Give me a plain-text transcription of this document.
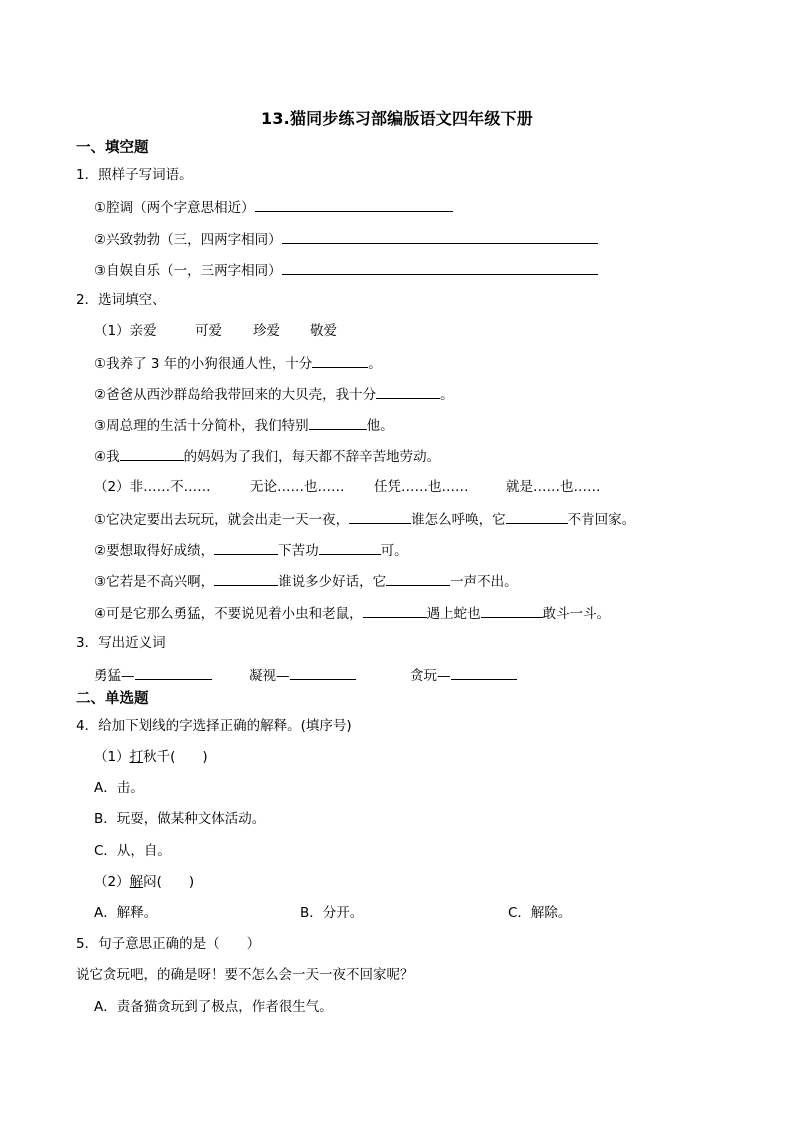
13.猫同步练习部编版语文四年级下册
一、填空题
1．照样子写词语。
①腔调（两个字意思相近）
②兴致勃勃（三，四两字相同）
③自娱自乐（一，三两字相同）
2．选词填空、
（1）亲爱	可爱 珍爱 敬爱
①我养了 3 年的小狗很通人性，十分	。
②爸爸从西沙群岛给我带回来的大贝壳，我十分	。
③周总理的生活十分简朴，我们特别	他。
④我	的妈妈为了我们，每天都不辞辛苦地劳动。
（2）非……不……	无论……也…… 任凭……也……	就是……也……
①它决定要出去玩玩，就会出走一天一夜，	谁怎么呼唤，它	不肯回家。
②要想取得好成绩，	下苦功	可。
③它若是不高兴啊，	谁说多少好话，它	一声不出。
④可是它那么勇猛，不要说见着小虫和老鼠，	遇上蛇也	敢斗一斗。
3．写出近义词
勇猛—	凝视—	贪玩—
二、单选题
4．给加下划线的字选择正确的解释。(填序号)
（1）打秋千(　　)
A．击。
B．玩耍，做某种文体活动。
C．从，自。
（2）解闷(　　)
A．解释。	B．分开。	C．解除。
5．句子意思正确的是（　　）
说它贪玩吧，的确是呀！要不怎么会一天一夜不回家呢？
A．责备猫贪玩到了极点，作者很生气。
